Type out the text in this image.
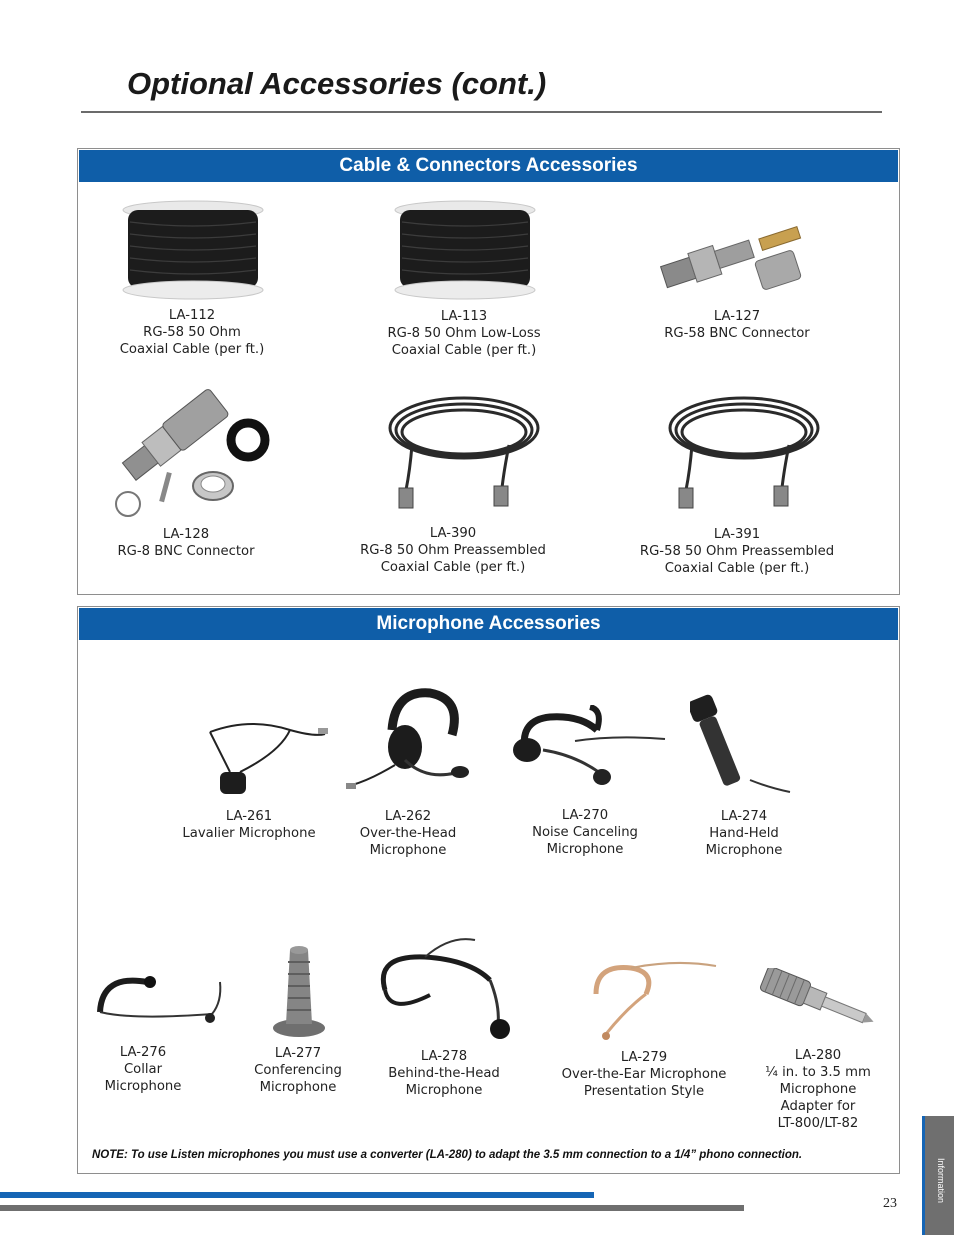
Optional Accessories (cont.)
Cable & Connectors Accessories
LA-112
RG-58 50 Ohm
Coaxial Cable (per ft.)
LA-113
RG-8 50 Ohm Low-Loss
Coaxial Cable (per ft.)
LA-127
RG-58 BNC Connector
LA-128
RG-8 BNC Connector
LA-390
RG-8 50 Ohm Preassembled
Coaxial Cable (per ft.)
LA-391
RG-58 50 Ohm Preassembled
Coaxial Cable (per ft.)
Microphone Accessories
LA-261
Lavalier Microphone
LA-262
Over-the-Head
Microphone
LA-270
Noise Canceling
Microphone
LA-274
Hand-Held
Microphone
LA-276
Collar
Microphone
LA-277
Conferencing
Microphone
LA-278
Behind-the-Head
Microphone
LA-279
Over-the-Ear Microphone
Presentation Style
LA-280
¼ in. to 3.5 mm
Microphone
Adapter for
LT-800/LT-82
NOTE: To use Listen microphones you must use a converter (LA-280) to adapt the 3.5 mm connection to a 1/4” phono connection.
23	Information
